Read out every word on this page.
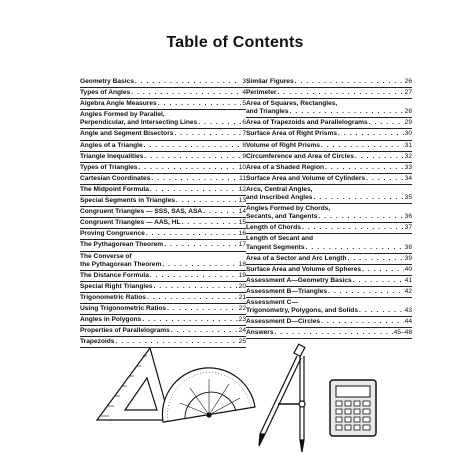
Table of Contents
Geometry Basics . . .	3
Types of Angles . . .	4
Algebra Angle Measures . . .	5
Angles Formed by Parallel,
Perpendicular, and Intersecting Lines . . .	6
Angle and Segment Bisectors . . .	7
Angles of a Triangle . . .	8
Triangle Inequalities . . .	9
Types of Triangles . . .	10
Cartesian Coordinates . . .	11
The Midpoint Formula . . .	12
Special Segments in Triangles . . .	13
Congruent Triangles — SSS, SAS, ASA . . .	14
Congruent Triangles — AAS, HL . . .	15
Proving Congruence . . .	16
The Pythagorean Theorem . . .	17
The Converse of
the Pythagorean Theorem . . .	18
The Distance Formula . . .	19
Special Right Triangles . . .	20
Trigonometric Ratios . . .	21
Using Trigonometric Ratios . . .	22
Angles in Polygons . . .	23
Properties of Parallelograms . . .	24
Trapezoids . . .	25
Similar Figures . . .	26
Perimeter . . .	27
Area of Squares, Rectangles,
and Triangles . . .	28
Area of Trapezoids and Parallelograms . . .	29
Surface Area of Right Prisms . . .	30
Volume of Right Prisms . . .	31
Circumference and Area of Circles . . .	32
Area of a Shaded Region . . .	33
Surface Area and Volume of Cylinders . . .	34
Arcs, Central Angles,
and Inscribed Angles . . .	35
Angles Formed by Chords,
Secants, and Tangents . . .	36
Length of Chords . . .	37
Length of Secant and
Tangent Segments . . .	38
Area of a Sector and Arc Length . . .	39
Surface Area and Volume of Spheres . . .	40
Assessment A—Geometry Basics . . .	41
Assessment B—Triangles . . .	42
Assessment C—
Trigonometry, Polygons, and Solids . . .	43
Assessment D—Circles . . .	44
Answers . . .	45–48
